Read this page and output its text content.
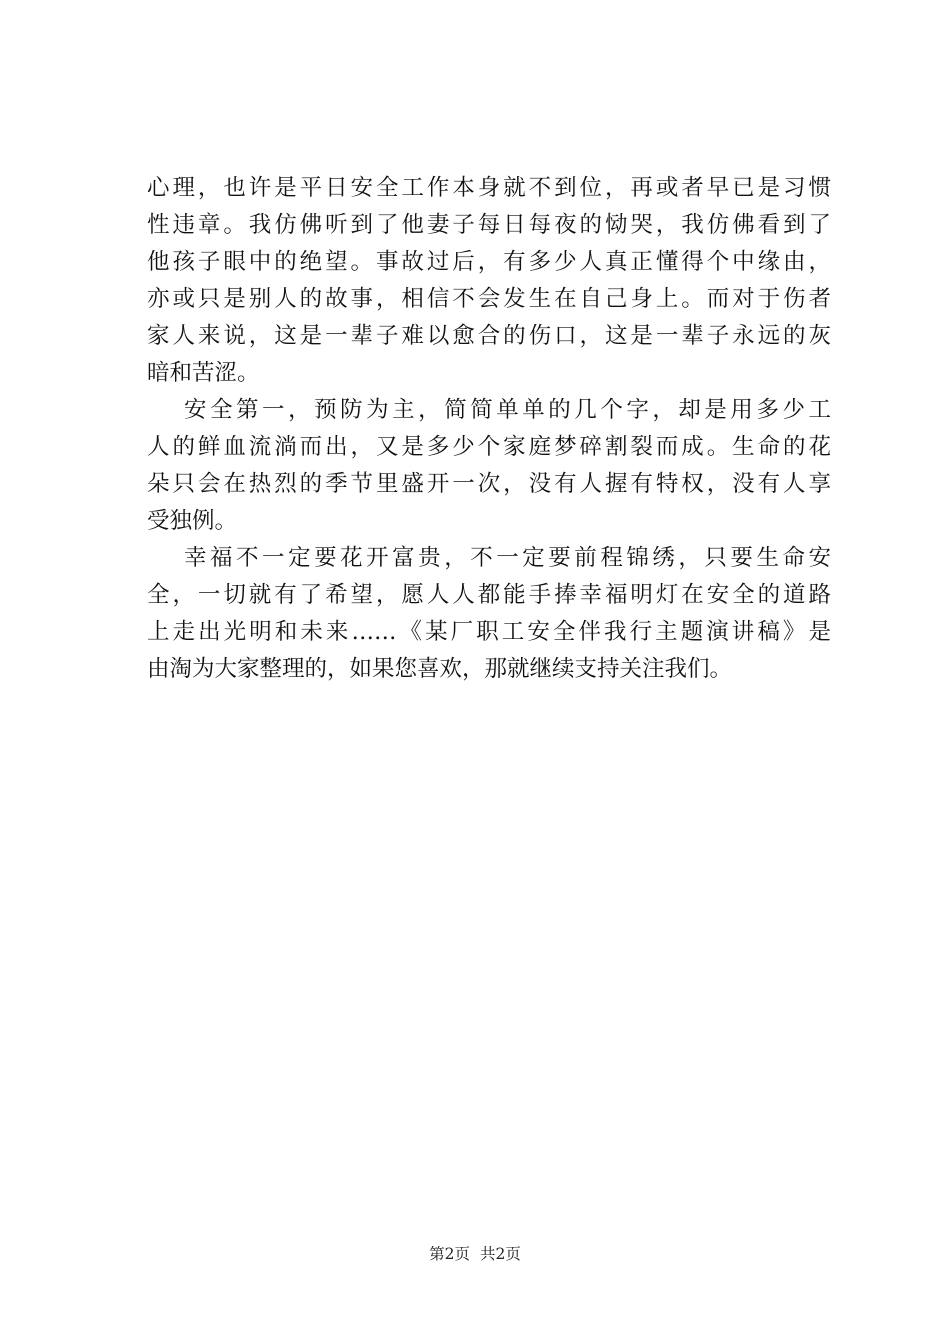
心理，也许是平日安全工作本身就不到位，再或者早已是习惯
性违章。我仿佛听到了他妻子每日每夜的恸哭，我仿佛看到了
他孩子眼中的绝望。事故过后，有多少人真正懂得个中缘由，
亦或只是别人的故事，相信不会发生在自己身上。而对于伤者
家人来说，这是一辈子难以愈合的伤口，这是一辈子永远的灰
暗和苦涩。
安全第一，预防为主，简简单单的几个字，却是用多少工
人的鲜血流淌而出，又是多少个家庭梦碎割裂而成。生命的花
朵只会在热烈的季节里盛开一次，没有人握有特权，没有人享
受独例。
幸福不一定要花开富贵，不一定要前程锦绣，只要生命安
全，一切就有了希望，愿人人都能手捧幸福明灯在安全的道路
上走出光明和未来……《某厂职工安全伴我行主题演讲稿》是
由淘为大家整理的，如果您喜欢，那就继续支持关注我们。
第2页 共2页
